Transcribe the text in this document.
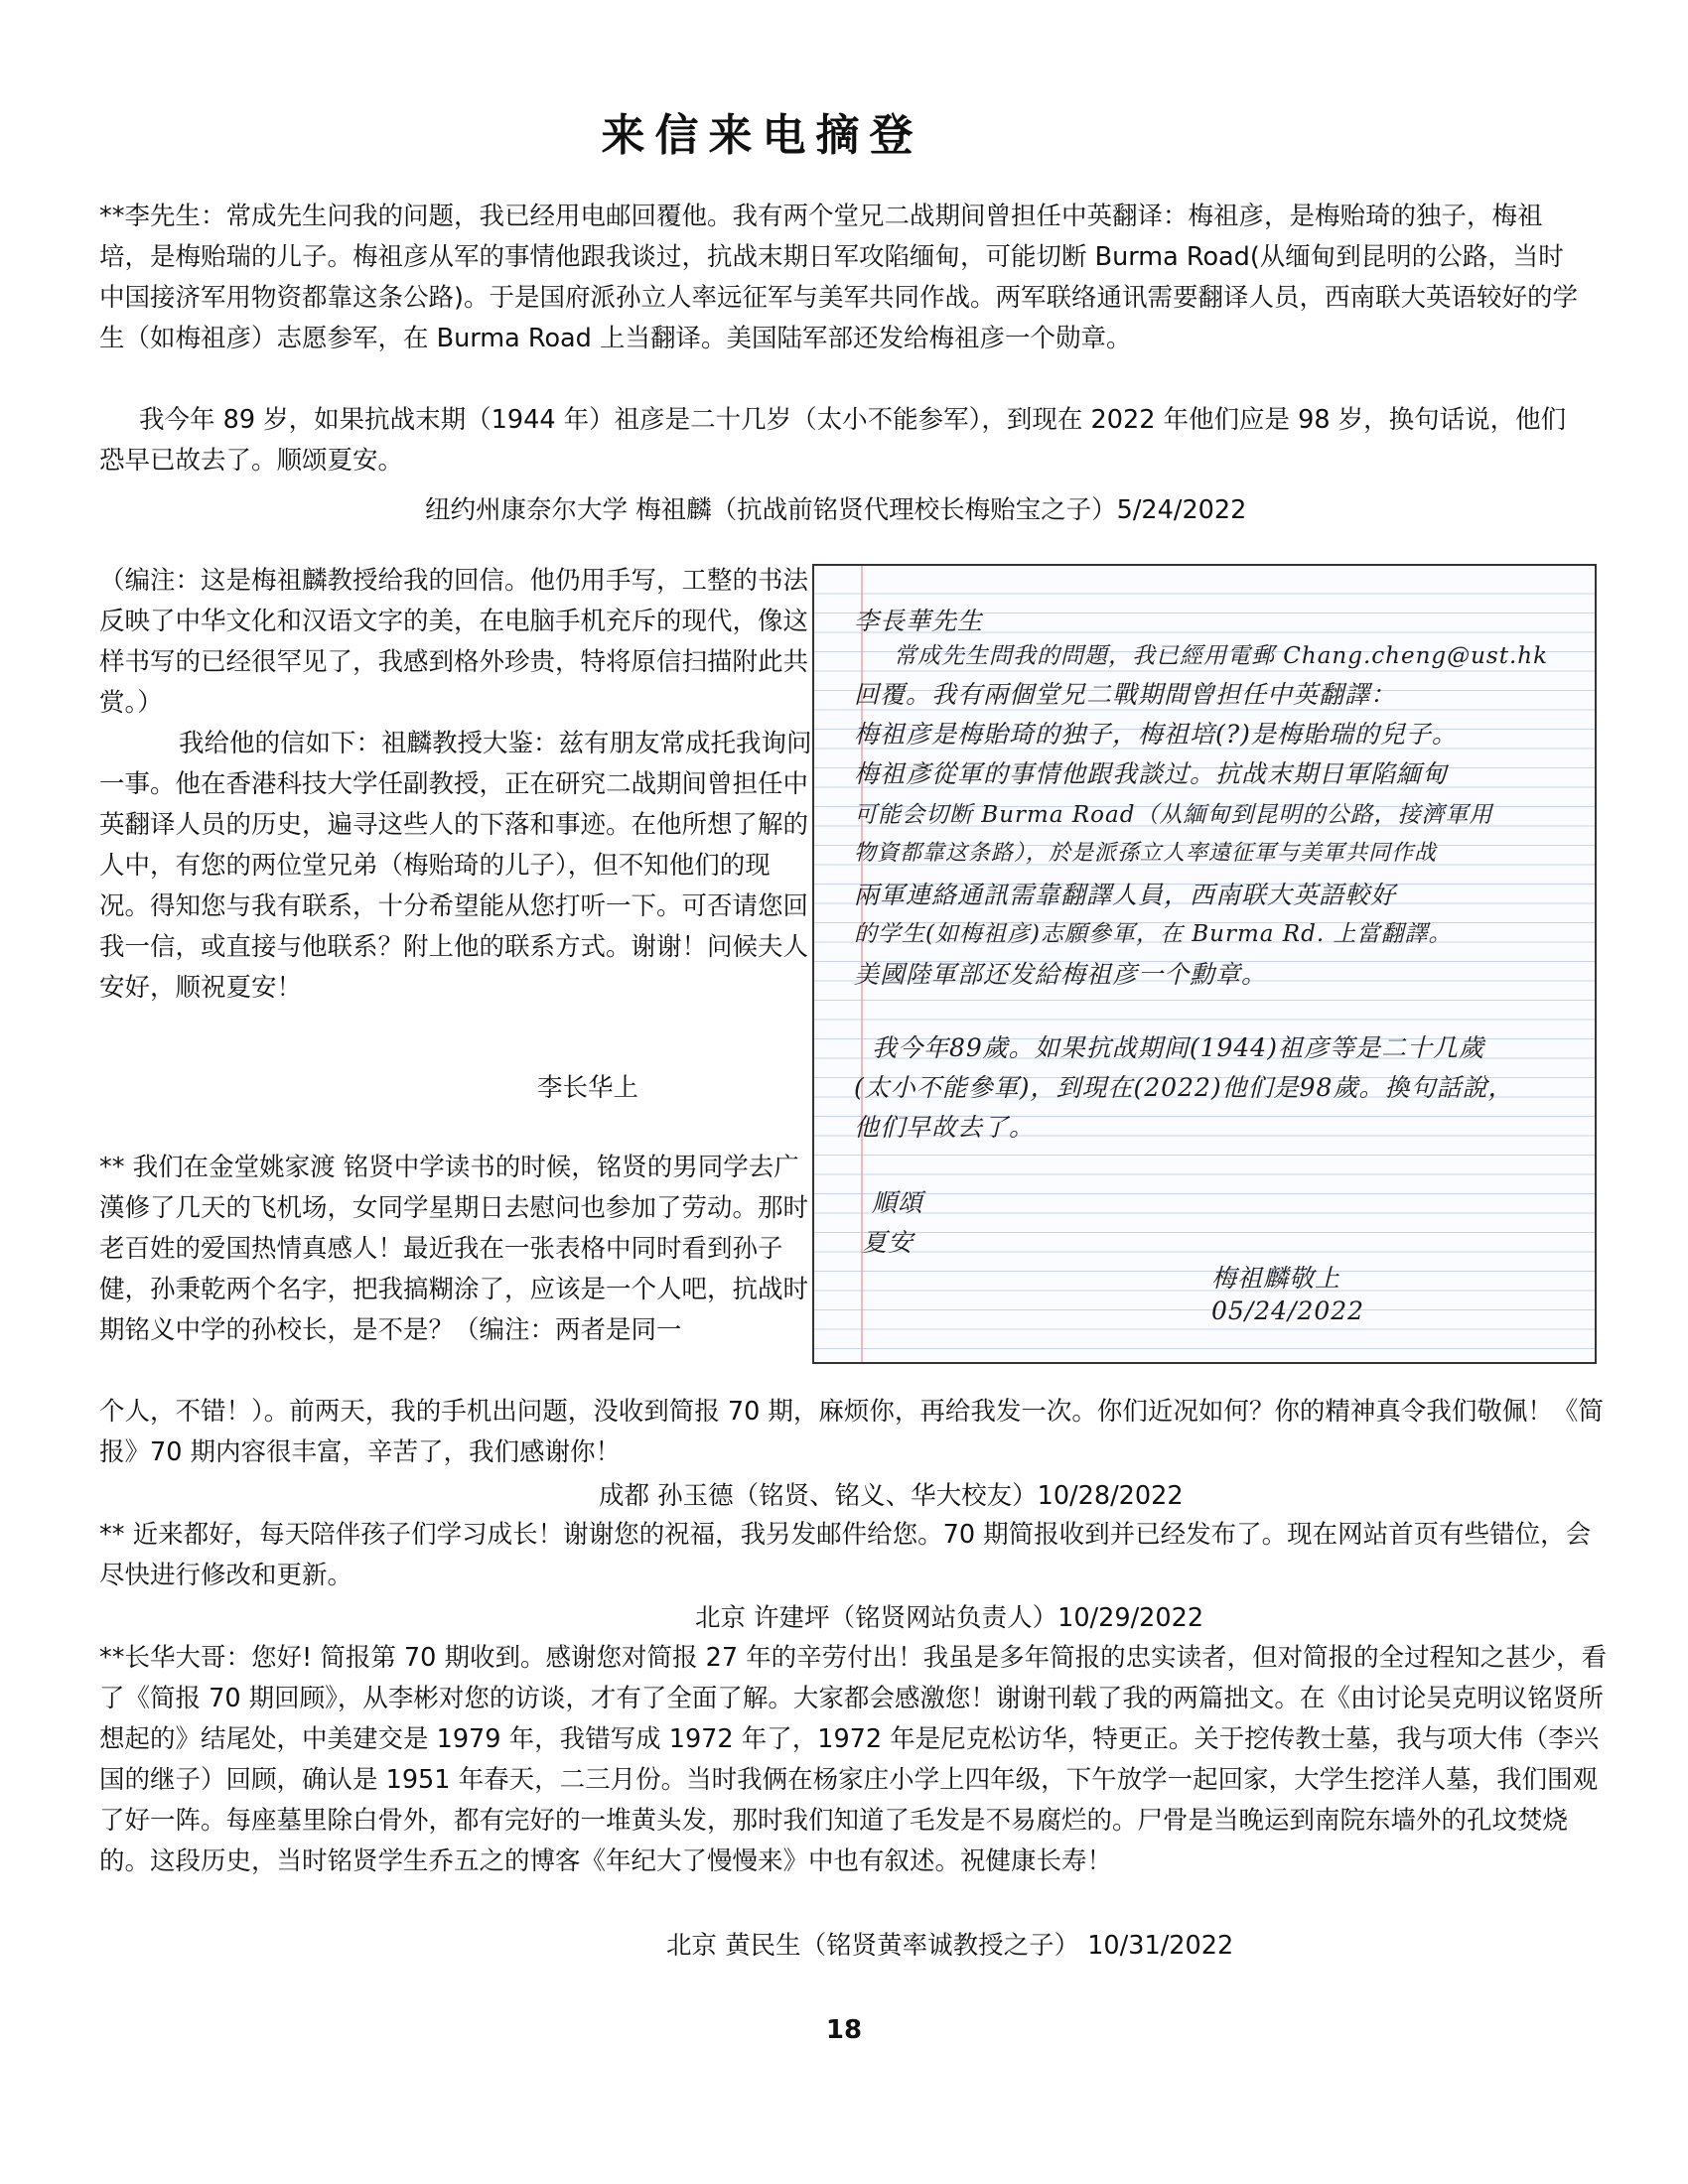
来信来电摘登

**李先生：常成先生问我的问题，我已经用电邮回覆他。我有两个堂兄二战期间曾担任中英翻译：梅祖彦，是梅贻琦的独子，梅祖培，是梅贻瑞的儿子。梅祖彦从军的事情他跟我谈过，抗战末期日军攻陷缅甸，可能切断 Burma Road(从缅甸到昆明的公路，当时中国接济军用物资都靠这条公路)。于是国府派孙立人率远征军与美军共同作战。两军联络通讯需要翻译人员，西南联大英语较好的学生（如梅祖彦）志愿参军，在 Burma Road 上当翻译。美国陆军部还发给梅祖彦一个勋章。

我今年 89 岁，如果抗战末期（1944 年）祖彦是二十几岁（太小不能参军），到现在 2022 年他们应是 98 岁，换句话说，他们恐早已故去了。顺颂夏安。

纽约州康奈尔大学 梅祖麟（抗战前铭贤代理校长梅贻宝之子）5/24/2022

（编注：这是梅祖麟教授给我的回信。他仍用手写，工整的书法反映了中华文化和汉语文字的美，在电脑手机充斥的现代，像这样书写的已经很罕见了，我感到格外珍贵，特将原信扫描附此共赏。）

我给他的信如下：祖麟教授大鉴：兹有朋友常成托我询问一事。他在香港科技大学任副教授，正在研究二战期间曾担任中英翻译人员的历史，遍寻这些人的下落和事迹。在他所想了解的人中，有您的两位堂兄弟（梅贻琦的儿子），但不知他们的现况。得知您与我有联系，十分希望能从您打听一下。可否请您回我一信，或直接与他联系？附上他的联系方式。谢谢！问候夫人安好，顺祝夏安！

李长华上

** 我们在金堂姚家渡 铭贤中学读书的时候，铭贤的男同学去广漢修了几天的飞机场，女同学星期日去慰问也参加了劳动。那时老百姓的爱国热情真感人！最近我在一张表格中同时看到孙子健，孙秉乾两个名字，把我搞糊涂了，应该是一个人吧，抗战时期铭义中学的孙校长，是不是？（编注：两者是同一

个人，不错！）。前两天，我的手机出问题，没收到简报 70 期，麻烦你，再给我发一次。你们近况如何？你的精神真令我们敬佩！《简报》70 期内容很丰富，辛苦了，我们感谢你！

成都 孙玉德（铭贤、铭义、华大校友）10/28/2022

** 近来都好，每天陪伴孩子们学习成长！谢谢您的祝福，我另发邮件给您。70 期简报收到并已经发布了。现在网站首页有些错位，会尽快进行修改和更新。

北京 许建坪（铭贤网站负责人）10/29/2022

**长华大哥：您好! 简报第 70 期收到。感谢您对简报 27 年的辛劳付出！我虽是多年简报的忠实读者，但对简报的全过程知之甚少，看了《简报 70 期回顾》，从李彬对您的访谈，才有了全面了解。大家都会感激您！谢谢刊载了我的两篇拙文。在《由讨论吴克明议铭贤所想起的》结尾处，中美建交是 1979 年，我错写成 1972 年了，1972 年是尼克松访华，特更正。关于挖传教士墓，我与项大伟（李兴国的继子）回顾，确认是 1951 年春天，二三月份。当时我俩在杨家庄小学上四年级，下午放学一起回家，大学生挖洋人墓，我们围观了好一阵。每座墓里除白骨外，都有完好的一堆黄头发，那时我们知道了毛发是不易腐烂的。尸骨是当晚运到南院东墙外的孔坟焚烧的。这段历史，当时铭贤学生乔五之的博客《年纪大了慢慢来》中也有叙述。祝健康长寿！

北京 黄民生（铭贤黄率诚教授之子） 10/31/2022
李長華先生
常成先生問我的問題，我已經用電郵 Chang.cheng@ust.hk
回覆。我有兩個堂兄二戰期間曾担任中英翻譯：
梅祖彦是梅貽琦的独子，梅祖培(?)是梅貽瑞的兒子。
梅祖彥從軍的事情他跟我談过。抗战末期日軍陷緬甸
可能会切断 Burma Road（从緬甸到昆明的公路，接濟軍用
物資都靠这条路），於是派孫立人率遠征軍与美軍共同作战
兩軍連絡通訊需靠翻譯人員，西南联大英語較好
的学生(如梅祖彦)志願參軍，在 Burma Rd. 上當翻譯。
美國陸軍部还发給梅祖彦一个勳章。
我今年89歲。如果抗战期间(1944)祖彦等是二十几歲
(太小不能參軍)，到現在(2022)他们是98歲。換句話說，
他们早故去了。
順頌
夏安
梅祖麟敬上
05/24/2022
18
